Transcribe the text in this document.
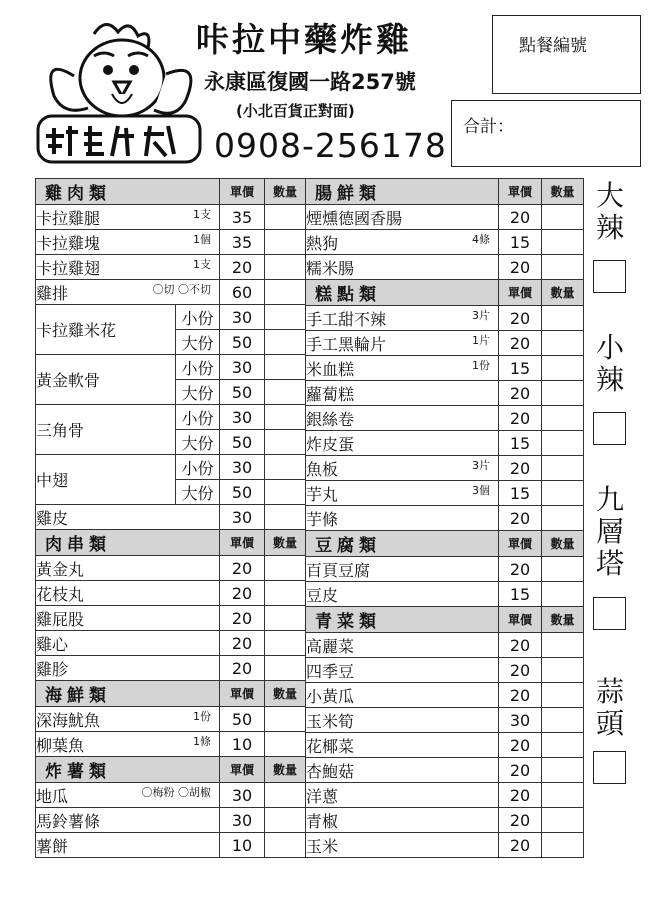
咔拉中藥炸雞
永康區復國一路257號
(小北百貨正對面)
0908-256178
點餐編號
合計：
雞肉類		單價	數量
卡拉雞腿 1支		35	
卡拉雞塊 1個		35	
卡拉雞翅 1支		20	
雞排 〇切 〇不切		60	
卡拉雞米花	小份	30	
	大份	50	
黃金軟骨	小份	30	
	大份	50	
三角骨	小份	30	
	大份	50	
中翅	小份	30	
	大份	50	
雞皮		30	
肉串類		單價	數量
黃金丸		20	
花枝丸		20	
雞屁股		20	
雞心		20	
雞胗		20	
海鮮類		單價	數量
深海魷魚 1份		50	
柳葉魚 1條		10	
炸薯類		單價	數量
地瓜 〇梅粉 〇胡椒		30	
馬鈴薯條		30	
薯餅		10	
腸鮮類	單價	數量
煙燻德國香腸	20	
熱狗 4條	15	
糯米腸	20	
糕點類	單價	數量
手工甜不辣 3片	20	
手工黑輪片 1片	20	
米血糕 1份	15	
蘿蔔糕	20	
銀絲卷	20	
炸皮蛋	15	
魚板 3片	20	
芋丸 3個	15	
芋條	20	
豆腐類	單價	數量
百頁豆腐	20	
豆皮	15	
青菜類	單價	數量
高麗菜	20	
四季豆	20	
小黃瓜	20	
玉米筍	30	
花椰菜	20	
杏鮑菇	20	
洋蔥	20	
青椒	20	
玉米	20	
大辣
小辣
九層塔
蒜頭
